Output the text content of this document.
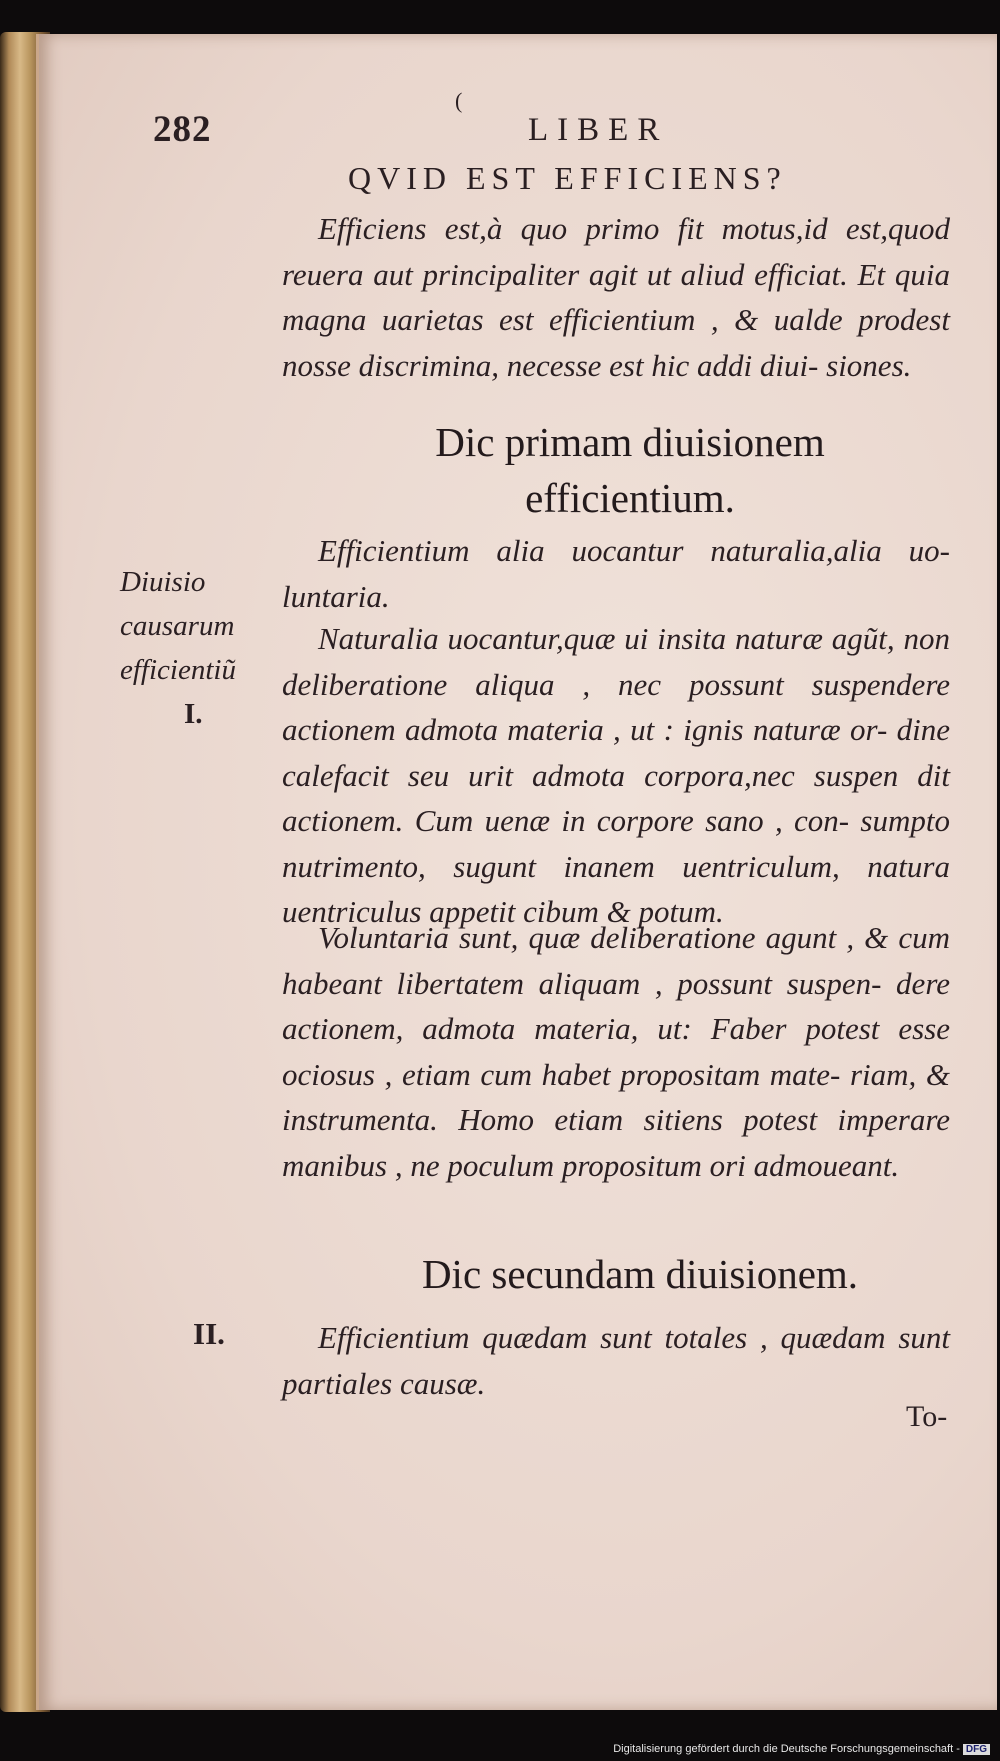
282
(
LIBER
QVID EST EFFICIENS?
Efficiens est,à quo primo fit motus,id est,quod reuera aut principaliter agit ut aliud efficiat. Et quia magna uarietas est efficientium , & ualde prodest nosse discrimina, necesse est hic addi diui- siones.
Dic primam diuisionem efficientium.
Diuisio causarum efficientiũ
I.
Efficientium alia uocantur naturalia,alia uo- luntaria.
Naturalia uocantur,quæ ui insita naturæ agũt, non deliberatione aliqua , nec possunt suspendere actionem admota materia , ut : ignis naturæ or- dine calefacit seu urit admota corpora,nec suspen dit actionem. Cum uenæ in corpore sano , con- sumpto nutrimento, sugunt inanem uentriculum, natura uentriculus appetit cibum & potum.
Voluntaria sunt, quæ deliberatione agunt , & cum habeant libertatem aliquam , possunt suspen- dere actionem, admota materia, ut: Faber potest esse ociosus , etiam cum habet propositam mate- riam, & instrumenta. Homo etiam sitiens potest imperare manibus , ne poculum propositum ori admoueant.
Dic secundam diuisionem.
II.	Efficientium quædam sunt totales , quædam sunt partiales causæ.
To-
Digitalisierung gefördert durch die Deutsche Forschungsgemeinschaft - DFG
